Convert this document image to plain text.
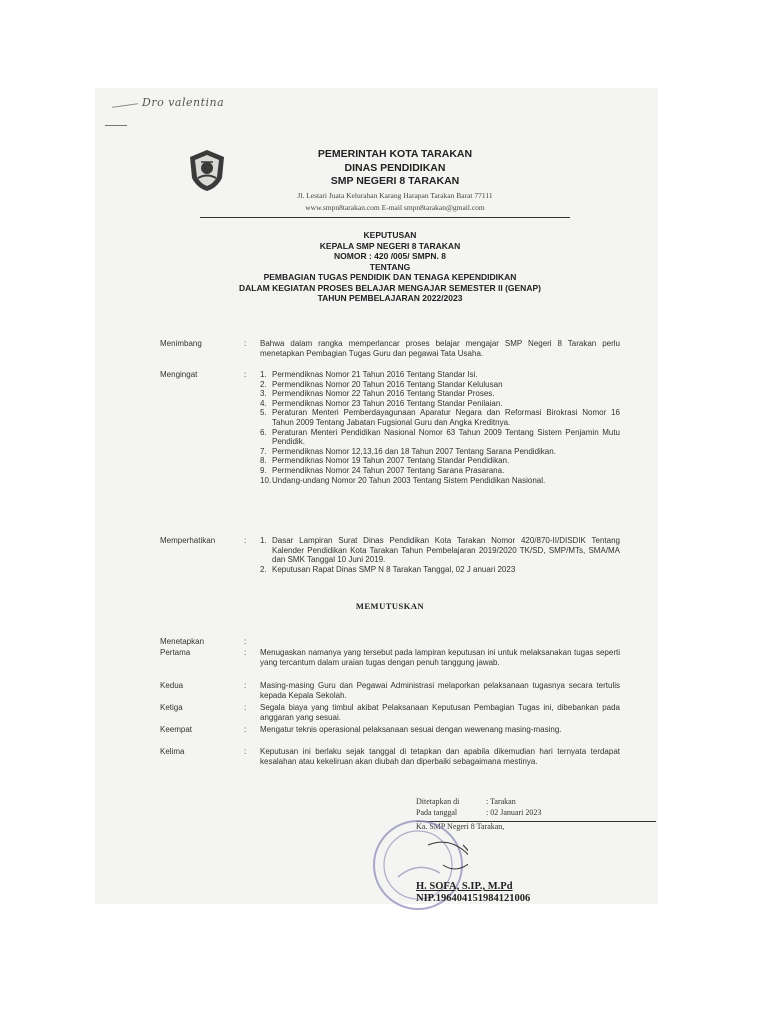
Dro valentina
PEMERINTAH KOTA TARAKAN
DINAS PENDIDIKAN
SMP NEGERI 8 TARAKAN
Jl. Lestari Juata Kelurahan Karang Harapan Tarakan Barat 77111
www.smpn8tarakan.com E-mail smpn8tarakan@gmail.com
KEPUTUSAN
KEPALA SMP NEGERI 8 TARAKAN
NOMOR : 420 /005/ SMPN. 8
TENTANG
PEMBAGIAN TUGAS PENDIDIK DAN TENAGA KEPENDIDIKAN
DALAM KEGIATAN PROSES BELAJAR MENGAJAR SEMESTER II (GENAP)
TAHUN PEMBELAJARAN 2022/2023
Menimbang	: Bahwa dalam rangka memperlancar proses belajar mengajar SMP Negeri 8 Tarakan perlu menetapkan Pembagian Tugas Guru dan pegawai Tata Usaha.
Mengingat	: 1. Permendiknas Nomor 21 Tahun 2016 Tentang Standar Isi.
2. Permendiknas Nomor 20 Tahun 2016 Tentang Standar Kelulusan
3. Permendiknas Nomor 22 Tahun 2016 Tentang Standar Proses.
4. Permendiknas Nomor 23 Tahun 2016 Tentang Standar Penilaian.
5. Peraturan Menteri Pemberdayagunaan Aparatur Negara dan Reformasi Birokrasi Nomor 16 Tahun 2009 Tentang Jabatan Fugsional Guru dan Angka Kreditnya.
6. Peraturan Menteri Pendidikan Nasional Nomor 63 Tahun 2009 Tentang Sistem Penjamin Mutu Pendidik.
7. Permendiknas Nomor 12,13,16 dan 18 Tahun 2007 Tentang Sarana Pendidikan.
8. Permendiknas Nomor 19 Tahun 2007 Tentang Standar Pendidikan.
9. Permendiknas Nomor 24 Tahun 2007 Tentang Sarana Prasarana.
10. Undang-undang Nomor 20 Tahun 2003 Tentang Sistem Pendidikan Nasional.
Memperhatikan	: 1. Dasar Lampiran Surat Dinas Pendidikan Kota Tarakan Nomor 420/870-II/DISDIK Tentang Kalender Pendidikan Kota Tarakan Tahun Pembelajaran 2019/2020 TK/SD, SMP/MTs, SMA/MA dan SMK Tanggal 10 Juni 2019.
2. Keputusan Rapat Dinas SMP N 8 Tarakan Tanggal, 02 J anuari 2023
MEMUTUSKAN
Menetapkan	:
Pertama	: Menugaskan namanya yang tersebut pada lampiran keputusan ini untuk melaksanakan tugas seperti yang tercantum dalam uraian tugas dengan penuh tanggung jawab.
Kedua	: Masing-masing Guru dan Pegawai Administrasi melaporkan pelaksanaan tugasnya secara tertulis kepada Kepala Sekolah.
Ketiga	: Segala biaya yang timbul akibat Pelaksanaan Keputusan Pembagian Tugas ini, dibebankan pada anggaran yang sesuai.
Keempat	: Mengatur teknis operasional pelaksanaan sesuai dengan wewenang masing-masing.
Kelima	: Keputusan ini berlaku sejak tanggal di tetapkan dan apabila dikemudian hari ternyata terdapat kesalahan atau kekeliruan akan diubah dan diperbaiki sebagaimana mestinya.
Ditetapkan di	: Tarakan
Pada tanggal	: 02 Januari 2023
Ka. SMP Negeri 8 Tarakan,
H. SOFA, S.IP., M.Pd
NIP.196404151984121006
